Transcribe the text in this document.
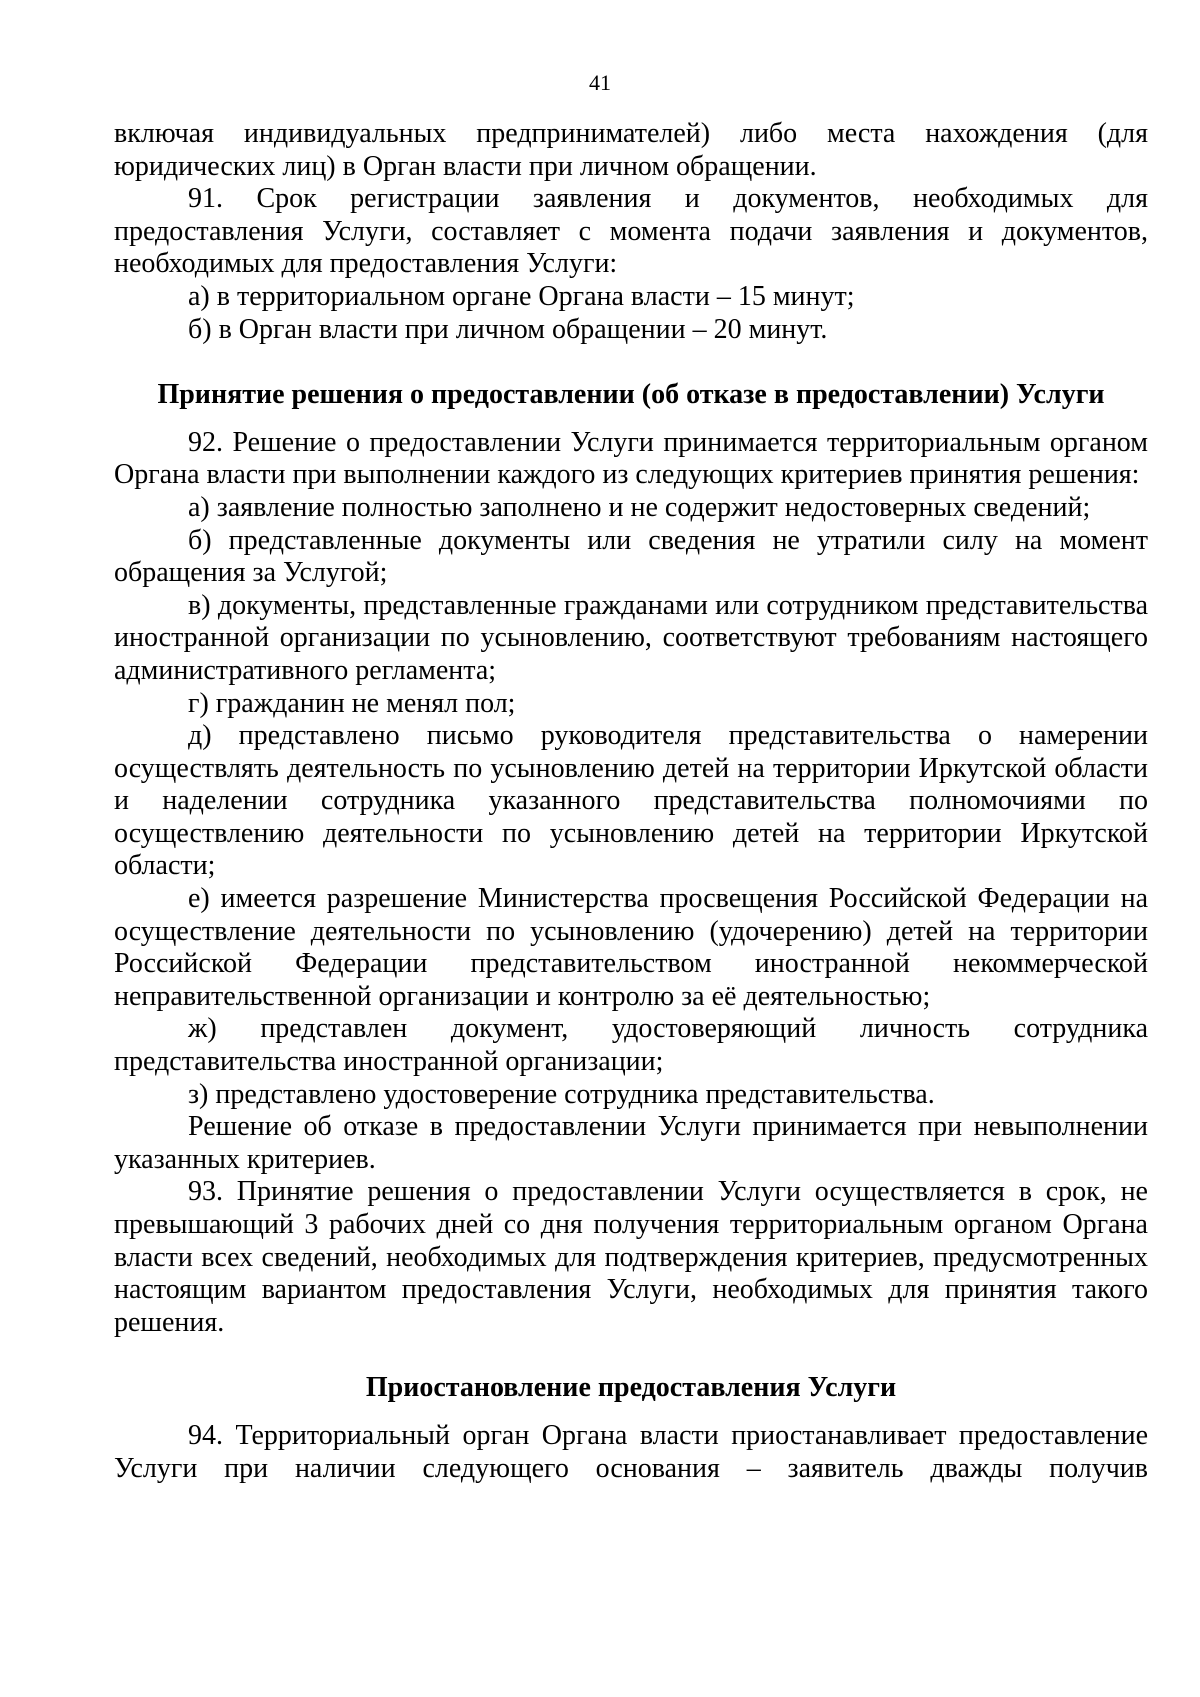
41

включая индивидуальных предпринимателей) либо места нахождения (для юридических лиц) в Орган власти при личном обращении.

91. Срок регистрации заявления и документов, необходимых для предоставления Услуги, составляет с момента подачи заявления и документов, необходимых для предоставления Услуги:

а) в территориальном органе Органа власти – 15 минут;

б) в Орган власти при личном обращении – 20 минут.

Принятие решения о предоставлении (об отказе в предоставлении) Услуги

92. Решение о предоставлении Услуги принимается территориальным органом Органа власти при выполнении каждого из следующих критериев принятия решения:

а) заявление полностью заполнено и не содержит недостоверных сведений;

б) представленные документы или сведения не утратили силу на момент обращения за Услугой;

в) документы, представленные гражданами или сотрудником представительства иностранной организации по усыновлению, соответствуют требованиям настоящего административного регламента;

г) гражданин не менял пол;

д) представлено письмо руководителя представительства о намерении осуществлять деятельность по усыновлению детей на территории Иркутской области и наделении сотрудника указанного представительства полномочиями по осуществлению деятельности по усыновлению детей на территории Иркутской области;

е) имеется разрешение Министерства просвещения Российской Федерации на осуществление деятельности по усыновлению (удочерению) детей на территории Российской Федерации представительством иностранной некоммерческой неправительственной организации и контролю за её деятельностью;

ж) представлен документ, удостоверяющий личность сотрудника представительства иностранной организации;

з) представлено удостоверение сотрудника представительства.

Решение об отказе в предоставлении Услуги принимается при невыполнении указанных критериев.

93. Принятие решения о предоставлении Услуги осуществляется в срок, не превышающий 3 рабочих дней со дня получения территориальным органом Органа власти всех сведений, необходимых для подтверждения критериев, предусмотренных настоящим вариантом предоставления Услуги, необходимых для принятия такого решения.

Приостановление предоставления Услуги

94. Территориальный орган Органа власти приостанавливает предоставление Услуги при наличии следующего основания – заявитель дважды получив
